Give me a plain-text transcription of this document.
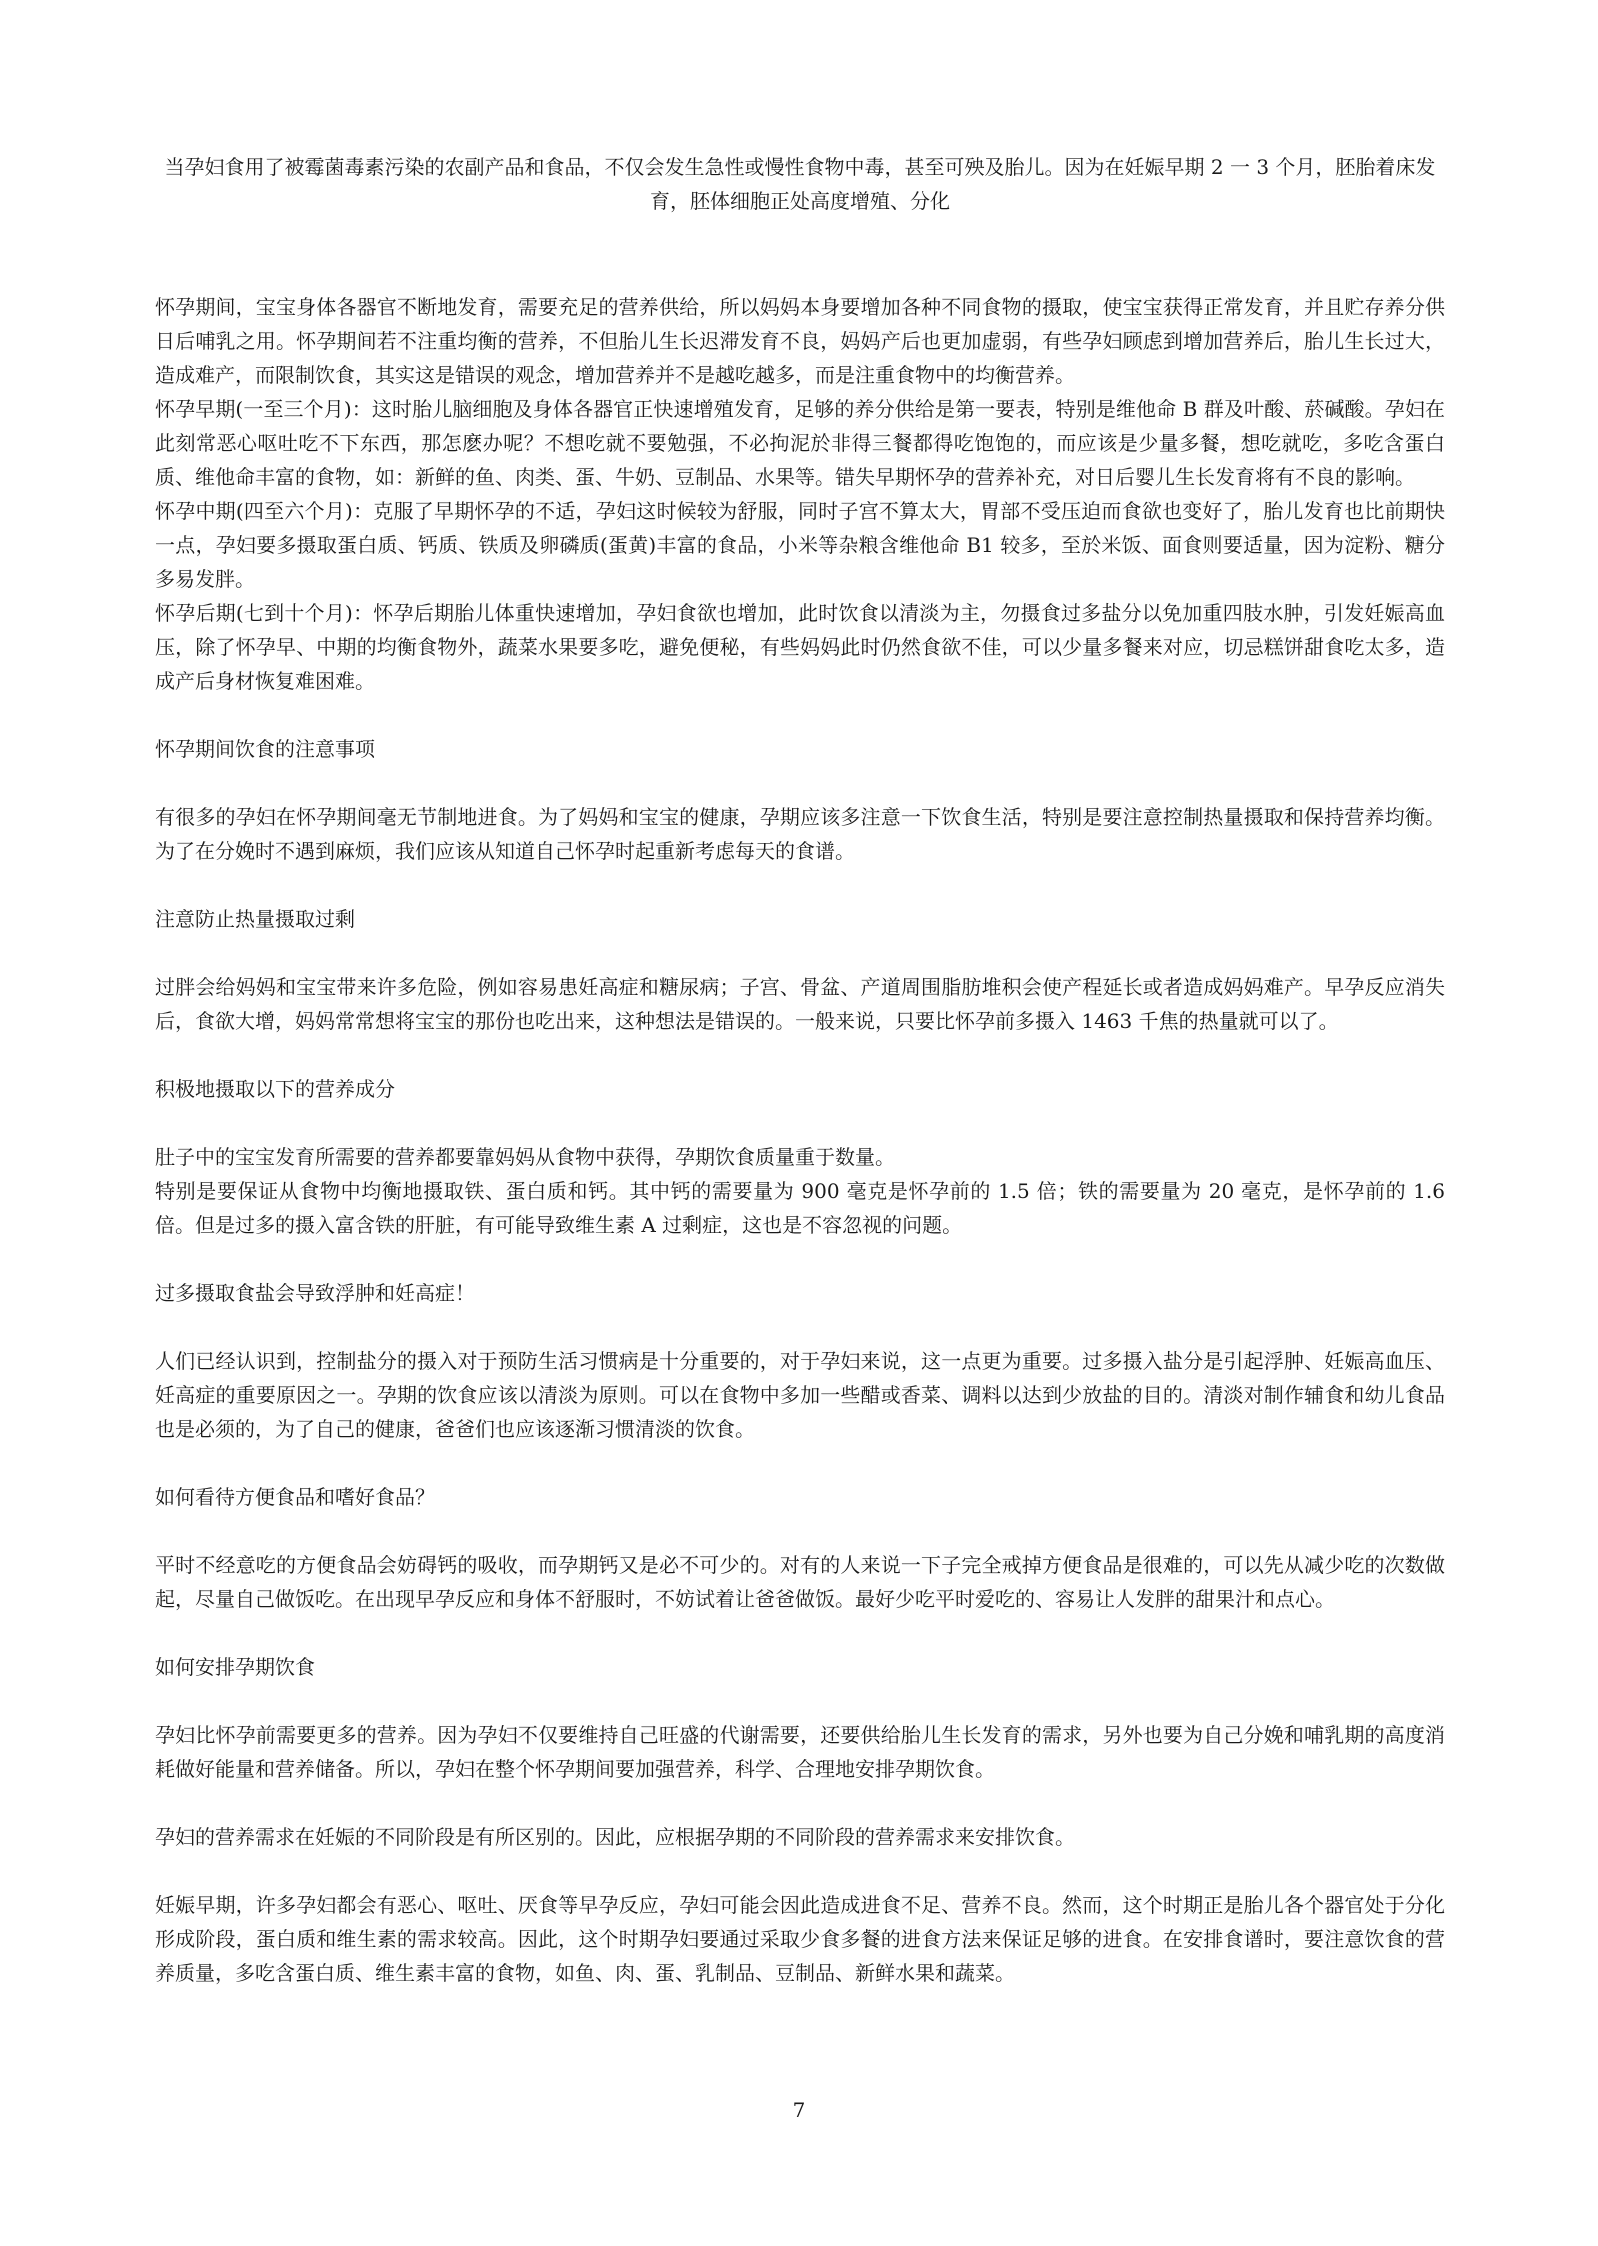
当孕妇食用了被霉菌毒素污染的农副产品和食品，不仅会发生急性或慢性食物中毒，甚至可殃及胎儿。因为在妊娠早期 2 一 3 个月，胚胎着床发育，胚体细胞正处高度增殖、分化

怀孕期间，宝宝身体各器官不断地发育，需要充足的营养供给，所以妈妈本身要增加各种不同食物的摄取，使宝宝获得正常发育，并且贮存养分供日后哺乳之用。怀孕期间若不注重均衡的营养，不但胎儿生长迟滞发育不良，妈妈产后也更加虚弱，有些孕妇顾虑到增加营养后，胎儿生长过大，造成难产，而限制饮食，其实这是错误的观念，增加营养并不是越吃越多，而是注重食物中的均衡营养。

怀孕早期(一至三个月)：这时胎儿脑细胞及身体各器官正快速增殖发育，足够的养分供给是第一要表，特别是维他命 B 群及叶酸、菸碱酸。孕妇在此刻常恶心呕吐吃不下东西，那怎麽办呢？不想吃就不要勉强，不必拘泥於非得三餐都得吃饱饱的，而应该是少量多餐，想吃就吃，多吃含蛋白质、维他命丰富的食物，如：新鲜的鱼、肉类、蛋、牛奶、豆制品、水果等。错失早期怀孕的营养补充，对日后婴儿生长发育将有不良的影响。

怀孕中期(四至六个月)：克服了早期怀孕的不适，孕妇这时候较为舒服，同时子宫不算太大，胃部不受压迫而食欲也变好了，胎儿发育也比前期快一点，孕妇要多摄取蛋白质、钙质、铁质及卵磷质(蛋黄)丰富的食品，小米等杂粮含维他命 B1 较多，至於米饭、面食则要适量，因为淀粉、糖分多易发胖。

怀孕后期(七到十个月)：怀孕后期胎儿体重快速增加，孕妇食欲也增加，此时饮食以清淡为主，勿摄食过多盐分以免加重四肢水肿，引发妊娠高血压，除了怀孕早、中期的均衡食物外，蔬菜水果要多吃，避免便秘，有些妈妈此时仍然食欲不佳，可以少量多餐来对应，切忌糕饼甜食吃太多，造成产后身材恢复难困难。

怀孕期间饮食的注意事项

有很多的孕妇在怀孕期间毫无节制地进食。为了妈妈和宝宝的健康，孕期应该多注意一下饮食生活，特别是要注意控制热量摄取和保持营养均衡。为了在分娩时不遇到麻烦，我们应该从知道自己怀孕时起重新考虑每天的食谱。

注意防止热量摄取过剩

过胖会给妈妈和宝宝带来许多危险，例如容易患妊高症和糖尿病；子宫、骨盆、产道周围脂肪堆积会使产程延长或者造成妈妈难产。早孕反应消失后，食欲大增，妈妈常常想将宝宝的那份也吃出来，这种想法是错误的。一般来说，只要比怀孕前多摄入 1463 千焦的热量就可以了。

积极地摄取以下的营养成分

肚子中的宝宝发育所需要的营养都要靠妈妈从食物中获得，孕期饮食质量重于数量。

特别是要保证从食物中均衡地摄取铁、蛋白质和钙。其中钙的需要量为 900 毫克是怀孕前的 1.5 倍；铁的需要量为 20 毫克，是怀孕前的 1.6 倍。但是过多的摄入富含铁的肝脏，有可能导致维生素 A 过剩症，这也是不容忽视的问题。

过多摄取食盐会导致浮肿和妊高症！

人们已经认识到，控制盐分的摄入对于预防生活习惯病是十分重要的，对于孕妇来说，这一点更为重要。过多摄入盐分是引起浮肿、妊娠高血压、妊高症的重要原因之一。孕期的饮食应该以清淡为原则。可以在食物中多加一些醋或香菜、调料以达到少放盐的目的。清淡对制作辅食和幼儿食品也是必须的，为了自己的健康，爸爸们也应该逐渐习惯清淡的饮食。

如何看待方便食品和嗜好食品？

平时不经意吃的方便食品会妨碍钙的吸收，而孕期钙又是必不可少的。对有的人来说一下子完全戒掉方便食品是很难的，可以先从减少吃的次数做起，尽量自己做饭吃。在出现早孕反应和身体不舒服时，不妨试着让爸爸做饭。最好少吃平时爱吃的、容易让人发胖的甜果汁和点心。

如何安排孕期饮食

孕妇比怀孕前需要更多的营养。因为孕妇不仅要维持自己旺盛的代谢需要，还要供给胎儿生长发育的需求，另外也要为自己分娩和哺乳期的高度消耗做好能量和营养储备。所以，孕妇在整个怀孕期间要加强营养，科学、合理地安排孕期饮食。

孕妇的营养需求在妊娠的不同阶段是有所区别的。因此，应根据孕期的不同阶段的营养需求来安排饮食。

妊娠早期，许多孕妇都会有恶心、呕吐、厌食等早孕反应，孕妇可能会因此造成进食不足、营养不良。然而，这个时期正是胎儿各个器官处于分化形成阶段，蛋白质和维生素的需求较高。因此，这个时期孕妇要通过采取少食多餐的进食方法来保证足够的进食。在安排食谱时，要注意饮食的营养质量，多吃含蛋白质、维生素丰富的食物，如鱼、肉、蛋、乳制品、豆制品、新鲜水果和蔬菜。

7
